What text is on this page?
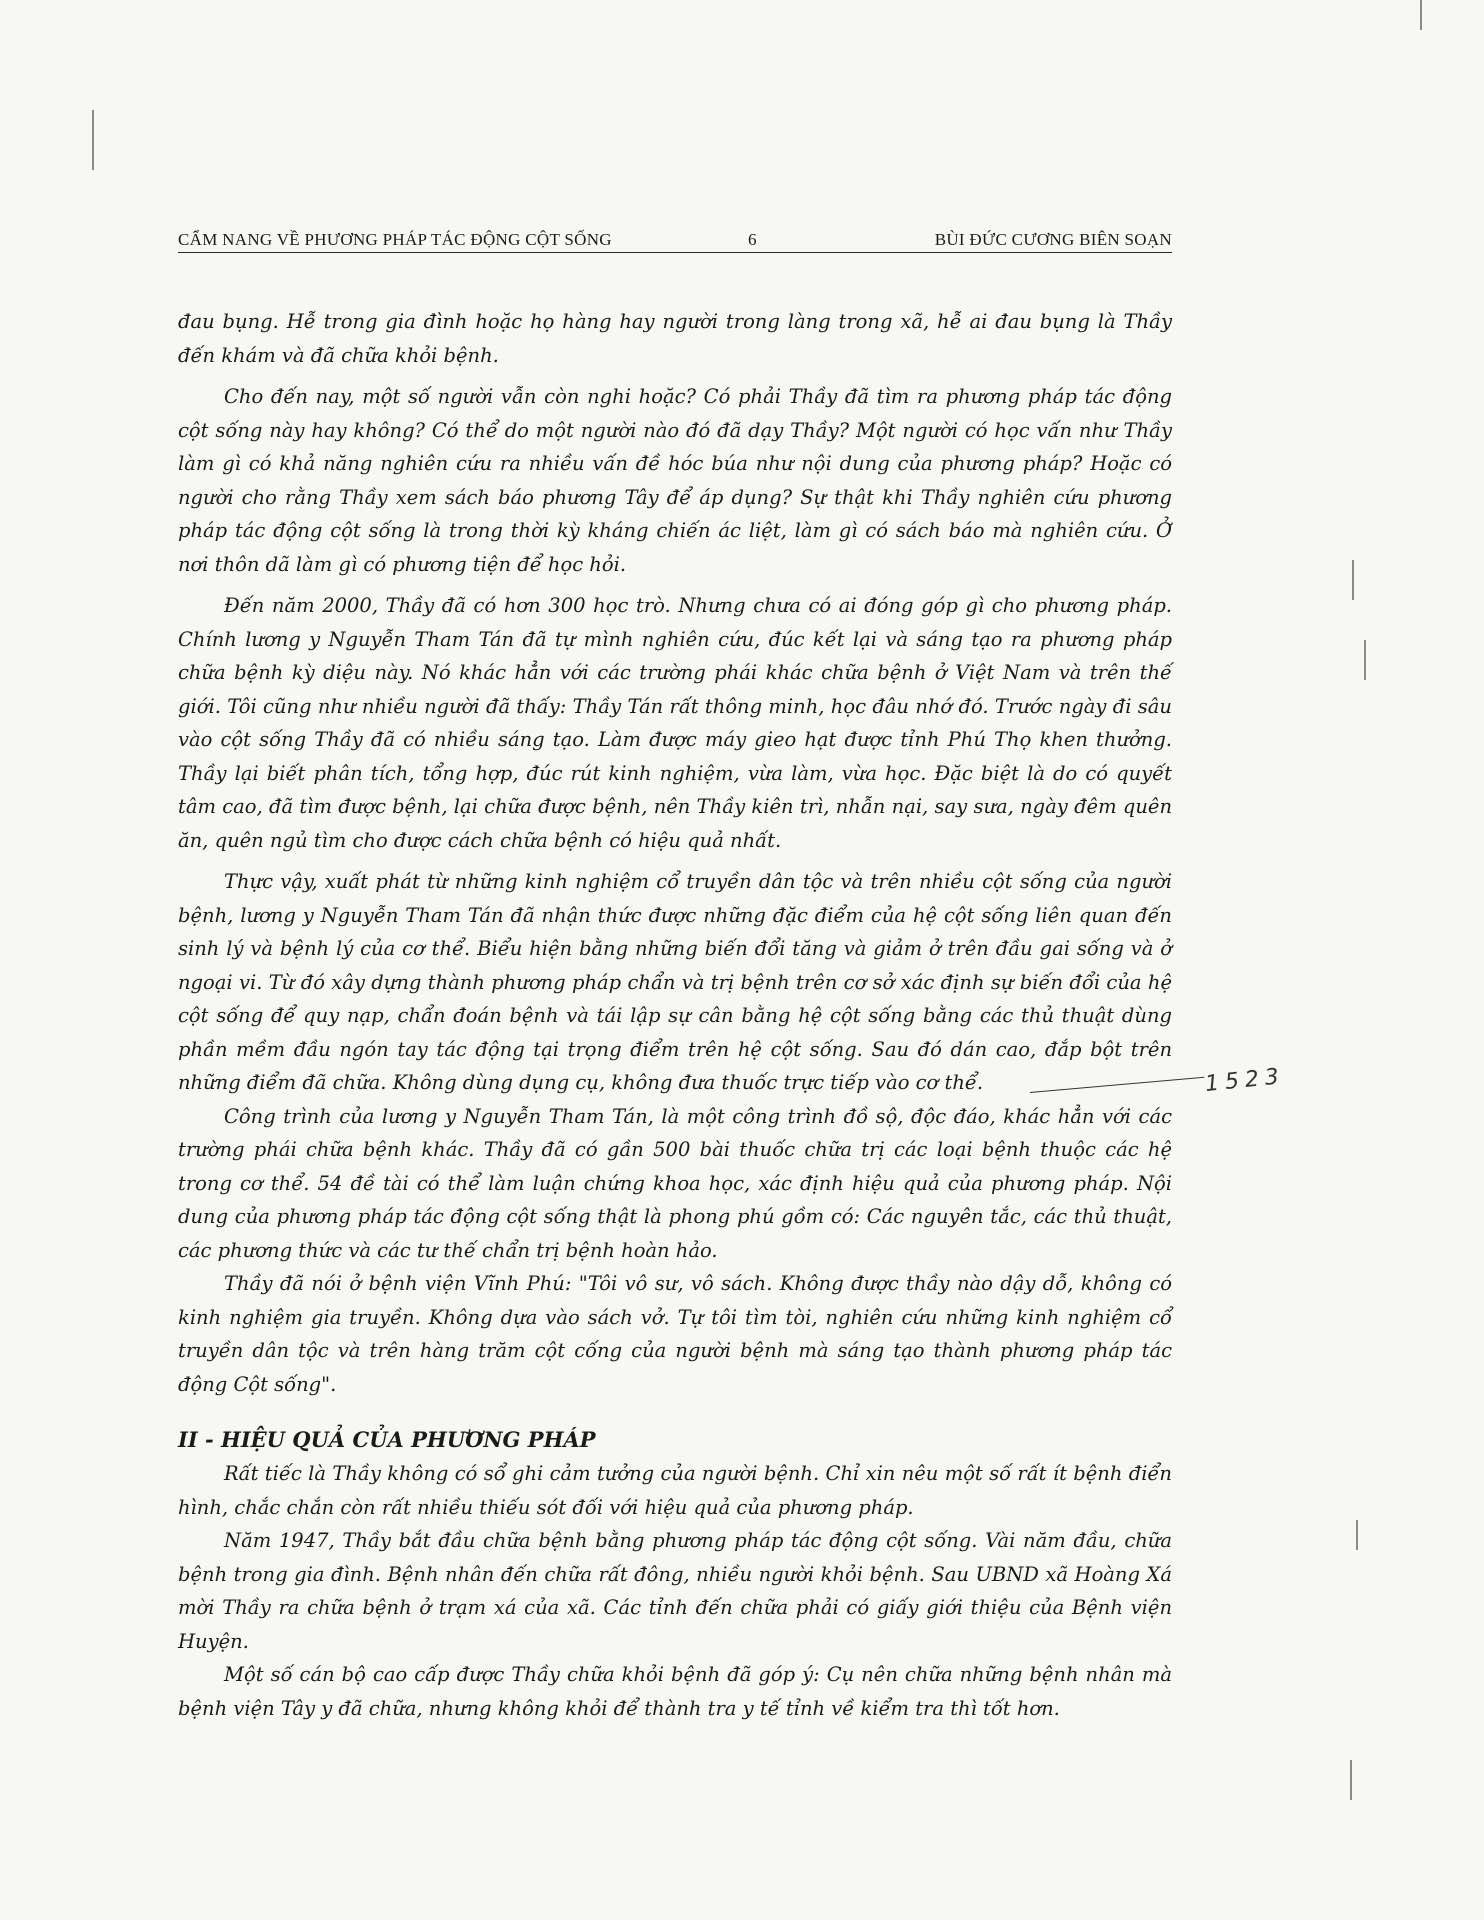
CẨM NANG VỀ PHƯƠNG PHÁP TÁC ĐỘNG CỘT SỐNG	6	BÙI ĐỨC CƯƠNG BIÊN SOẠN

đau bụng. Hễ trong gia đình hoặc họ hàng hay người trong làng trong xã, hễ ai đau bụng là Thầy đến khám và đã chữa khỏi bệnh.

Cho đến nay, một số người vẫn còn nghi hoặc? Có phải Thầy đã tìm ra phương pháp tác động cột sống này hay không? Có thể do một người nào đó đã dạy Thầy? Một người có học vấn như Thầy làm gì có khả năng nghiên cứu ra nhiều vấn đề hóc búa như nội dung của phương pháp? Hoặc có người cho rằng Thầy xem sách báo phương Tây để áp dụng? Sự thật khi Thầy nghiên cứu phương pháp tác động cột sống là trong thời kỳ kháng chiến ác liệt, làm gì có sách báo mà nghiên cứu. Ở nơi thôn dã làm gì có phương tiện để học hỏi.

Đến năm 2000, Thầy đã có hơn 300 học trò. Nhưng chưa có ai đóng góp gì cho phương pháp. Chính lương y Nguyễn Tham Tán đã tự mình nghiên cứu, đúc kết lại và sáng tạo ra phương pháp chữa bệnh kỳ diệu này. Nó khác hẳn với các trường phái khác chữa bệnh ở Việt Nam và trên thế giới. Tôi cũng như nhiều người đã thấy: Thầy Tán rất thông minh, học đâu nhớ đó. Trước ngày đi sâu vào cột sống Thầy đã có nhiều sáng tạo. Làm được máy gieo hạt được tỉnh Phú Thọ khen thưởng. Thầy lại biết phân tích, tổng hợp, đúc rút kinh nghiệm, vừa làm, vừa học. Đặc biệt là do có quyết tâm cao, đã tìm được bệnh, lại chữa được bệnh, nên Thầy kiên trì, nhẫn nại, say sưa, ngày đêm quên ăn, quên ngủ tìm cho được cách chữa bệnh có hiệu quả nhất.

Thực vậy, xuất phát từ những kinh nghiệm cổ truyền dân tộc và trên nhiều cột sống của người bệnh, lương y Nguyễn Tham Tán đã nhận thức được những đặc điểm của hệ cột sống liên quan đến sinh lý và bệnh lý của cơ thể. Biểu hiện bằng những biến đổi tăng và giảm ở trên đầu gai sống và ở ngoại vi. Từ đó xây dựng thành phương pháp chẩn và trị bệnh trên cơ sở xác định sự biến đổi của hệ cột sống để quy nạp, chẩn đoán bệnh và tái lập sự cân bằng hệ cột sống bằng các thủ thuật dùng phần mềm đầu ngón tay tác động tại trọng điểm trên hệ cột sống. Sau đó dán cao, đắp bột trên những điểm đã chữa. Không dùng dụng cụ, không đưa thuốc trực tiếp vào cơ thể.

Công trình của lương y Nguyễn Tham Tán, là một công trình đồ sộ, độc đáo, khác hẳn với các trường phái chữa bệnh khác. Thầy đã có gần 500 bài thuốc chữa trị các loại bệnh thuộc các hệ trong cơ thể. 54 đề tài có thể làm luận chứng khoa học, xác định hiệu quả của phương pháp. Nội dung của phương pháp tác động cột sống thật là phong phú gồm có: Các nguyên tắc, các thủ thuật, các phương thức và các tư thế chẩn trị bệnh hoàn hảo.

Thầy đã nói ở bệnh viện Vĩnh Phú: "Tôi vô sư, vô sách. Không được thầy nào dậy dỗ, không có kinh nghiệm gia truyền. Không dựa vào sách vở. Tự tôi tìm tòi, nghiên cứu những kinh nghiệm cổ truyền dân tộc và trên hàng trăm cột cống của người bệnh mà sáng tạo thành phương pháp tác động Cột sống".

II - HIỆU QUẢ CỦA PHƯƠNG PHÁP

Rất tiếc là Thầy không có sổ ghi cảm tưởng của người bệnh. Chỉ xin nêu một số rất ít bệnh điển hình, chắc chắn còn rất nhiều thiếu sót đối với hiệu quả của phương pháp.

Năm 1947, Thầy bắt đầu chữa bệnh bằng phương pháp tác động cột sống. Vài năm đầu, chữa bệnh trong gia đình. Bệnh nhân đến chữa rất đông, nhiều người khỏi bệnh. Sau UBND xã Hoàng Xá mời Thầy ra chữa bệnh ở trạm xá của xã. Các tỉnh đến chữa phải có giấy giới thiệu của Bệnh viện Huyện.

Một số cán bộ cao cấp được Thầy chữa khỏi bệnh đã góp ý: Cụ nên chữa những bệnh nhân mà bệnh viện Tây y đã chữa, nhưng không khỏi để thành tra y tế tỉnh về kiểm tra thì tốt hơn.

1523
